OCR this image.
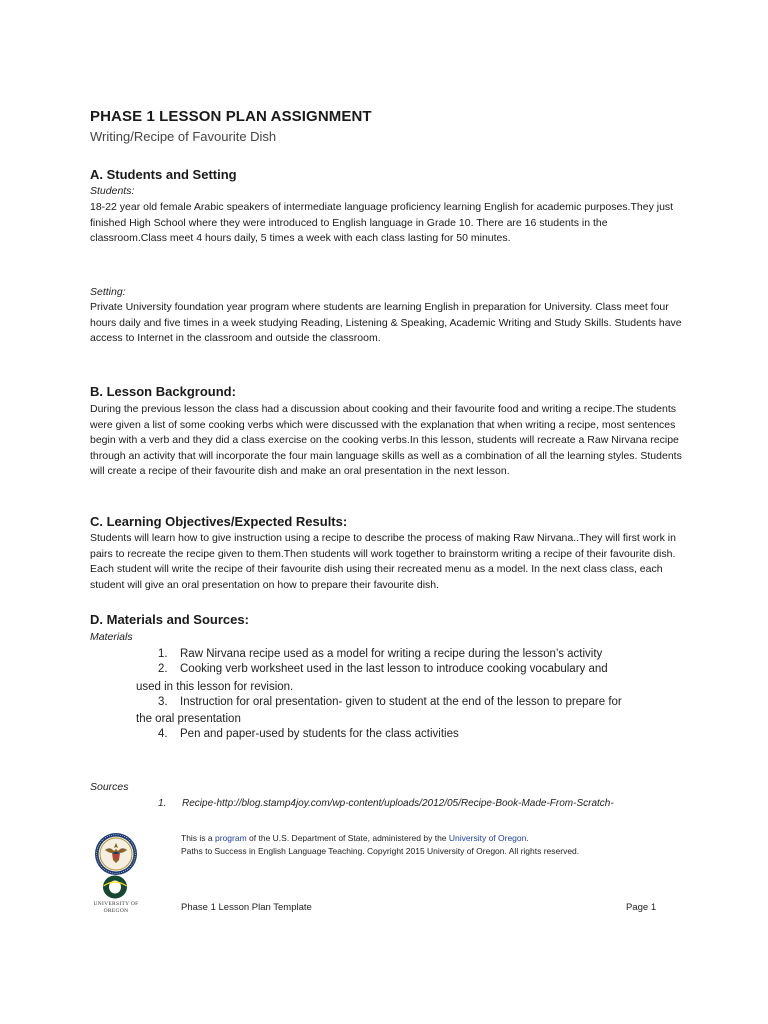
PHASE 1 LESSON PLAN ASSIGNMENT
Writing/Recipe of Favourite Dish
A. Students and Setting
Students:
18-22 year old female Arabic speakers of intermediate language proficiency learning English for academic purposes.They just finished High School where they were introduced to English language in Grade 10. There are 16 students in the classroom.Class meet 4 hours daily, 5 times a week with each class lasting for 50 minutes.
Setting:
Private University foundation year program where students are learning English in preparation for University. Class meet four hours daily and five times in a week studying Reading, Listening & Speaking, Academic Writing and Study Skills. Students have access to Internet in the classroom and outside the classroom.
B. Lesson Background:
During the previous lesson the class had a discussion about cooking and their favourite food and writing a recipe.The students were given a list of some cooking verbs which were discussed with the explanation that when writing a recipe, most sentences begin with a verb and they did a class exercise on the cooking verbs.In this lesson, students will recreate a Raw Nirvana recipe through an activity that will incorporate the four main language skills as well as a combination of all the learning styles. Students will create a recipe of their favourite dish and make an oral presentation in the next lesson.
C. Learning Objectives/Expected Results:
Students will learn how to give instruction using a recipe to describe the process of making Raw Nirvana..They will first work in pairs to recreate the recipe given to them.Then students will work together to brainstorm writing a recipe of their favourite dish. Each student will write the recipe of their favourite dish using their recreated menu as a model. In the next class class, each student will give an oral presentation on how to prepare their favourite dish.
D. Materials and Sources:
Materials
1. Raw Nirvana recipe used as a model for writing a recipe during the lesson’s activity
2. Cooking verb worksheet used in the last lesson to introduce cooking vocabulary and
used in this lesson for revision.
3. Instruction for oral presentation- given to student at the end of the lesson to prepare for
the oral presentation
4. Pen and paper-used by students for the class activities
Sources
1. Recipe-http://blog.stamp4joy.com/wp-content/uploads/2012/05/Recipe-Book-Made-From-Scratch-
UNIVERSITY OF OREGON
This is a program of the U.S. Department of State, administered by the University of Oregon.
Paths to Success in English Language Teaching. Copyright 2015 University of Oregon. All rights reserved.
Phase 1 Lesson Plan Template	Page 1
